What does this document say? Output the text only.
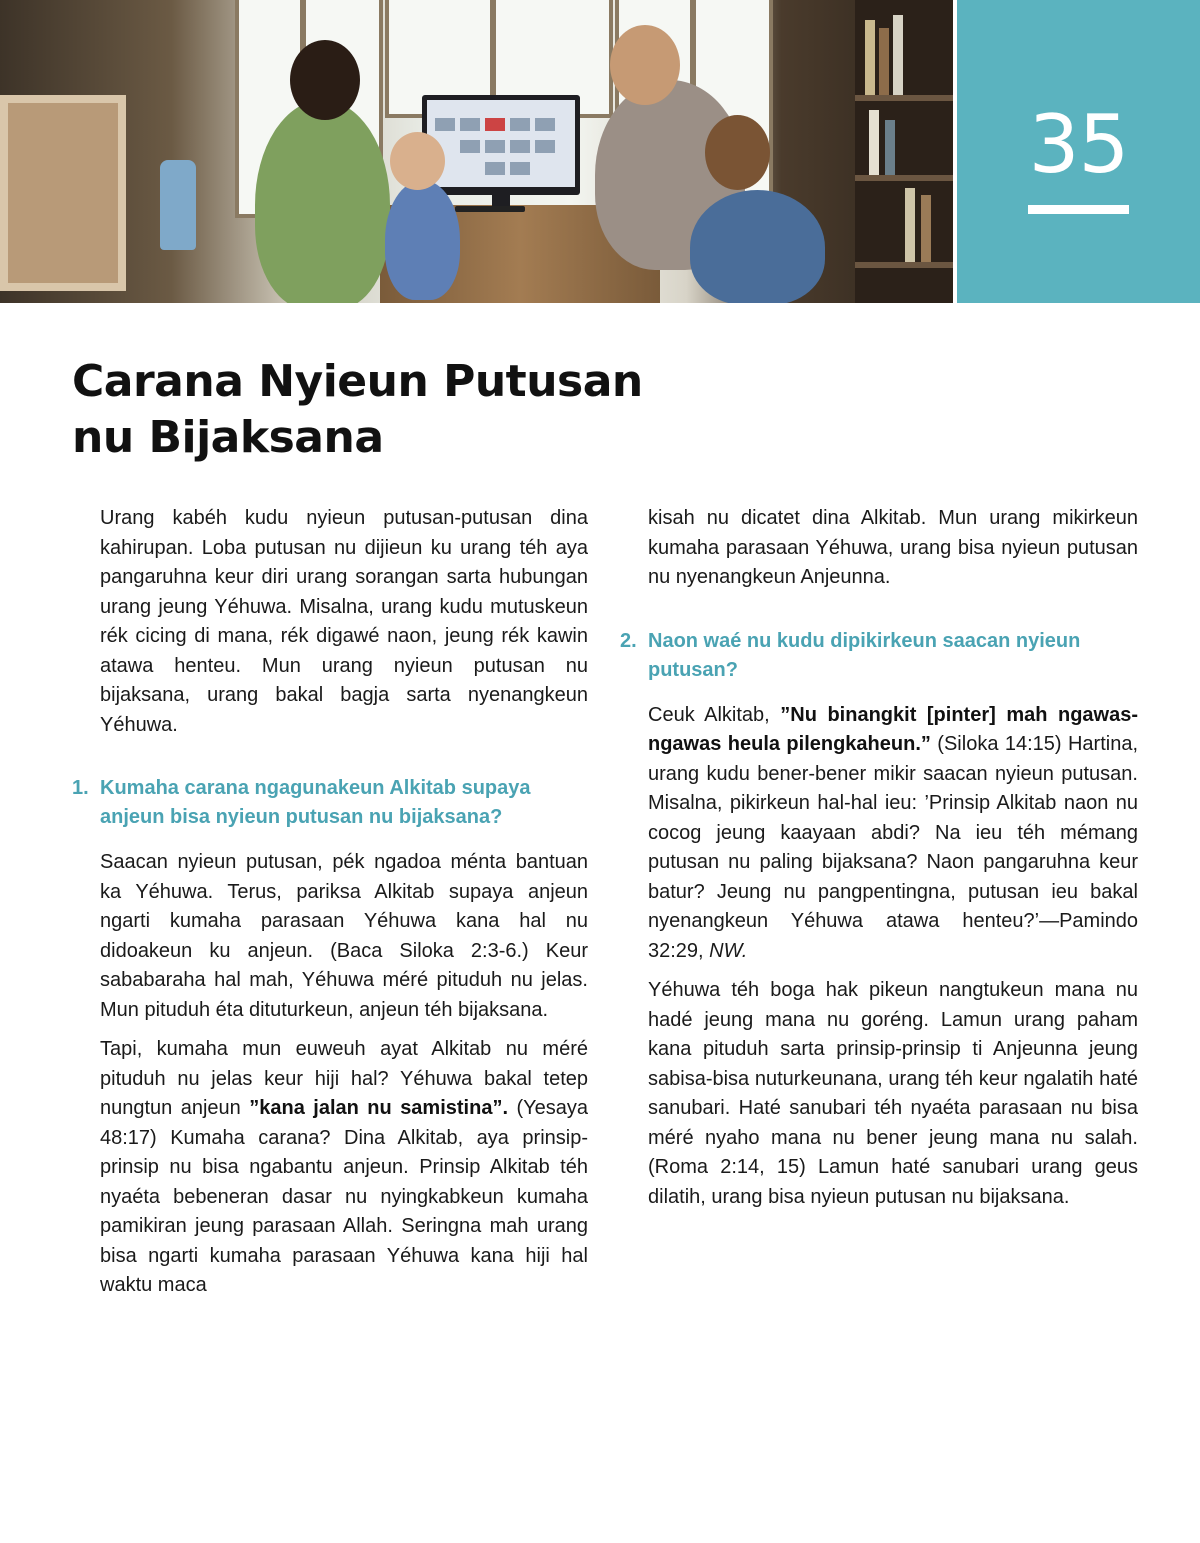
35
Carana Nyieun Putusan
nu Bijaksana

Urang kabéh kudu nyieun putusan-putusan dina kahirupan. Loba putusan nu dijieun ku urang téh aya pangaruhna keur diri urang sorangan sarta hubungan urang jeung Yéhuwa. Misalna, urang kudu mutuskeun rék cicing di mana, rék digawé naon, jeung rék kawin atawa henteu. Mun urang nyieun putusan nu bijaksana, urang bakal bagja sarta nyenangkeun Yéhuwa.

1. Kumaha carana ngagunakeun Alkitab supaya anjeun bisa nyieun putusan nu bijaksana?

Saacan nyieun putusan, pék ngadoa ménta bantuan ka Yéhuwa. Terus, pariksa Alkitab supaya anjeun ngarti kumaha parasaan Yéhuwa kana hal nu didoakeun ku anjeun. (Baca Siloka 2:3-6.) Keur sababaraha hal mah, Yéhuwa méré pituduh nu jelas. Mun pituduh éta dituturkeun, anjeun téh bijaksana.

Tapi, kumaha mun euweuh ayat Alkitab nu méré pituduh nu jelas keur hiji hal? Yéhuwa bakal tetep nungtun anjeun ”kana jalan nu samistina”. (Yesaya 48:17) Kumaha carana? Dina Alkitab, aya prinsip-prinsip nu bisa ngabantu anjeun. Prinsip Alkitab téh nyaéta bebeneran dasar nu nyingkabkeun kumaha pamikiran jeung parasaan Allah. Seringna mah urang bisa ngarti kumaha parasaan Yéhuwa kana hiji hal waktu maca

kisah nu dicatet dina Alkitab. Mun urang mikirkeun kumaha parasaan Yéhuwa, urang bisa nyieun putusan nu nyenangkeun Anjeunna.

2. Naon waé nu kudu dipikirkeun saacan nyieun putusan?

Ceuk Alkitab, ”Nu binangkit [pinter] mah ngawas-ngawas heula pilengkaheun.” (Siloka 14:15) Hartina, urang kudu bener-bener mikir saacan nyieun putusan. Misalna, pikirkeun hal-hal ieu: ’Prinsip Alkitab naon nu cocog jeung kaayaan abdi? Na ieu téh mémang putusan nu paling bijaksana? Naon pangaruhna keur batur? Jeung nu pangpentingna, putusan ieu bakal nyenangkeun Yéhuwa atawa henteu?’—Pamindo 32:29, NW.

Yéhuwa téh boga hak pikeun nangtukeun mana nu hadé jeung mana nu goréng. Lamun urang paham kana pituduh sarta prinsip-prinsip ti Anjeunna jeung sabisa-bisa nuturkeunana, urang téh keur ngalatih haté sanubari. Haté sanubari téh nyaéta parasaan nu bisa méré nyaho mana nu bener jeung mana nu salah. (Roma 2:14, 15) Lamun haté sanubari urang geus dilatih, urang bisa nyieun putusan nu bijaksana.
